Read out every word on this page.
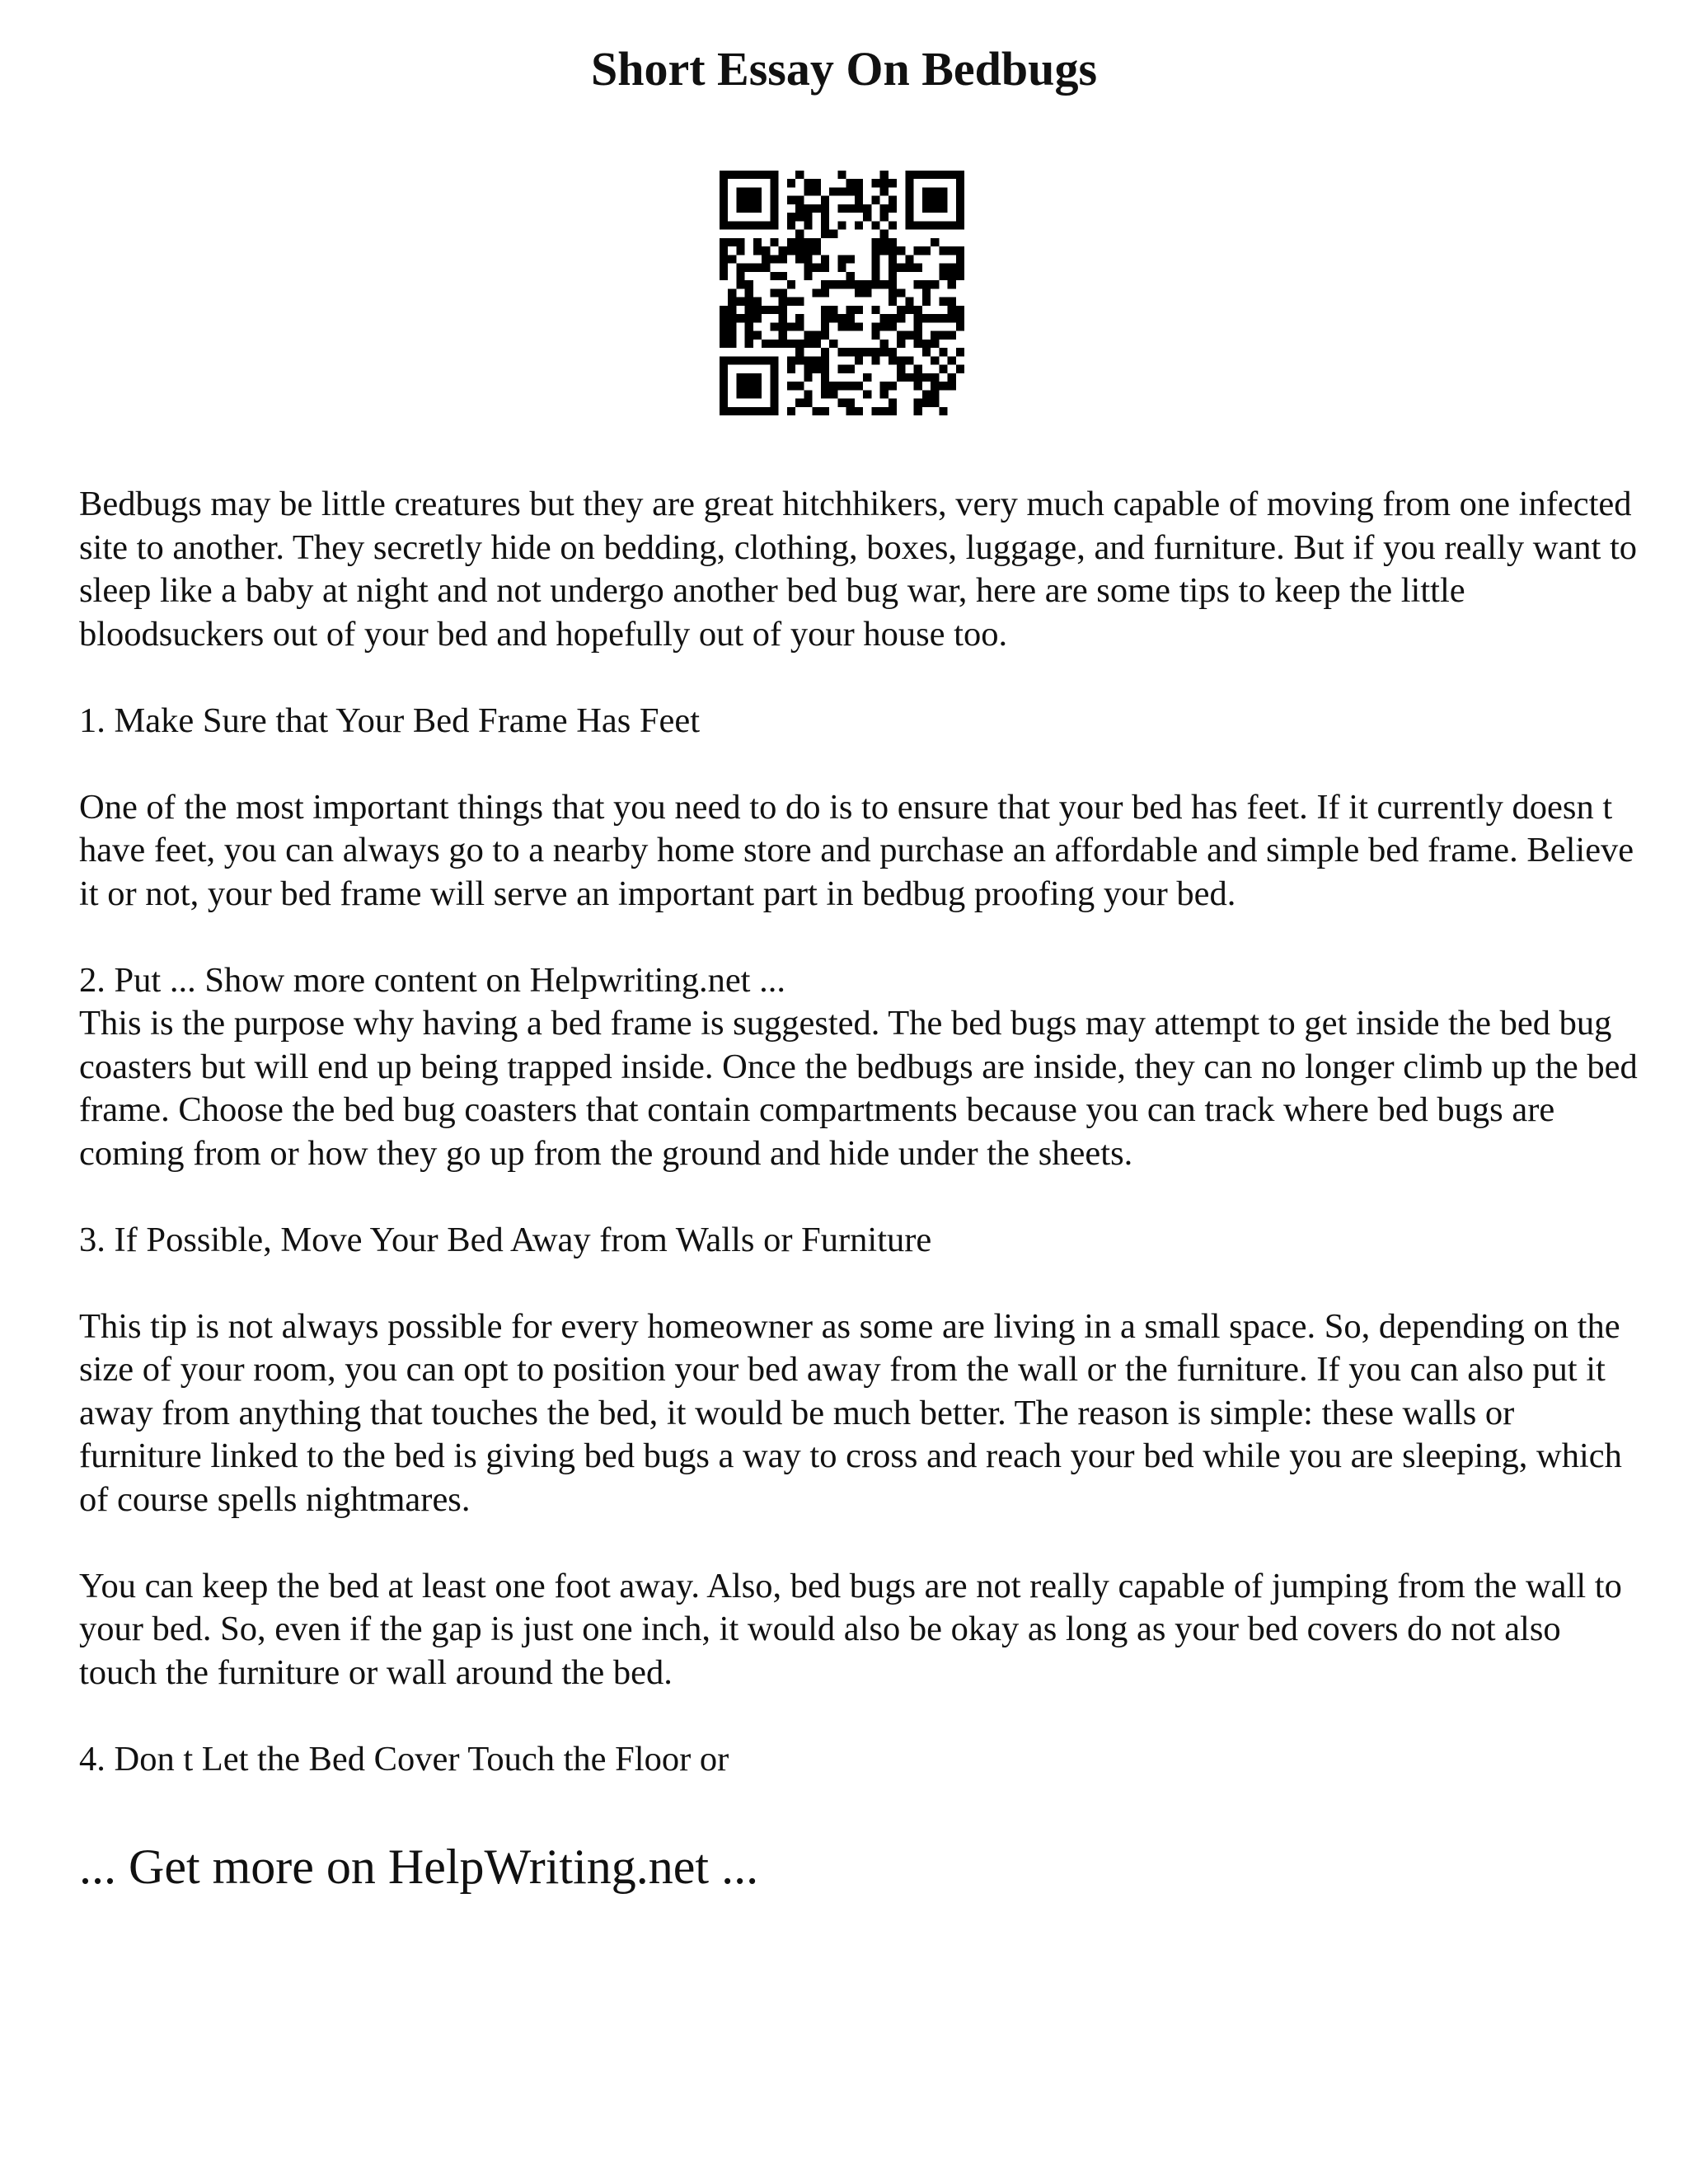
Short Essay On Bedbugs

Bedbugs may be little creatures but they are great hitchhikers, very much capable of moving from one infected site to another. They secretly hide on bedding, clothing, boxes, luggage, and furniture. But if you really want to sleep like a baby at night and not undergo another bed bug war, here are some tips to keep the little bloodsuckers out of your bed and hopefully out of your house too.

1. Make Sure that Your Bed Frame Has Feet

One of the most important things that you need to do is to ensure that your bed has feet. If it currently doesn t have feet, you can always go to a nearby home store and purchase an affordable and simple bed frame. Believe it or not, your bed frame will serve an important part in bedbug proofing your bed.

2. Put ... Show more content on Helpwriting.net ...

This is the purpose why having a bed frame is suggested. The bed bugs may attempt to get inside the bed bug coasters but will end up being trapped inside. Once the bedbugs are inside, they can no longer climb up the bed frame. Choose the bed bug coasters that contain compartments because you can track where bed bugs are coming from or how they go up from the ground and hide under the sheets.

3. If Possible, Move Your Bed Away from Walls or Furniture

This tip is not always possible for every homeowner as some are living in a small space. So, depending on the size of your room, you can opt to position your bed away from the wall or the furniture. If you can also put it away from anything that touches the bed, it would be much better. The reason is simple: these walls or furniture linked to the bed is giving bed bugs a way to cross and reach your bed while you are sleeping, which of course spells nightmares.

You can keep the bed at least one foot away. Also, bed bugs are not really capable of jumping from the wall to your bed. So, even if the gap is just one inch, it would also be okay as long as your bed covers do not also touch the furniture or wall around the bed.

4. Don t Let the Bed Cover Touch the Floor or

... Get more on HelpWriting.net ...
